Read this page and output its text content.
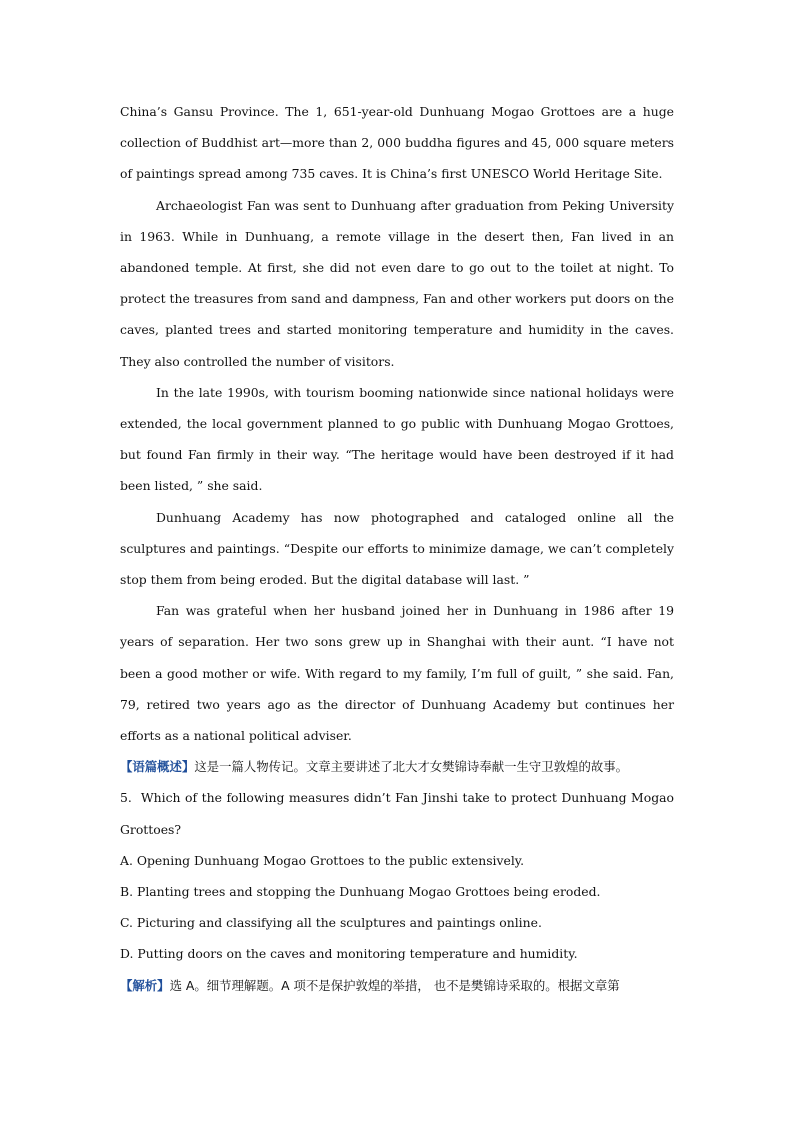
China’s Gansu Province. The 1, 651-year-old Dunhuang Mogao Grottoes are a huge collection of Buddhist art—more than 2, 000 buddha figures and 45, 000 square meters of paintings spread among 735 caves. It is China’s first UNESCO World Heritage Site.

Archaeologist Fan was sent to Dunhuang after graduation from Peking University in 1963. While in Dunhuang, a remote village in the desert then, Fan lived in an abandoned temple. At first, she did not even dare to go out to the toilet at night. To protect the treasures from sand and dampness, Fan and other workers put doors on the caves, planted trees and started monitoring temperature and humidity in the caves. They also controlled the number of visitors.

In the late 1990s, with tourism booming nationwide since national holidays were extended, the local government planned to go public with Dunhuang Mogao Grottoes, but found Fan firmly in their way. “The heritage would have been destroyed if it had been listed, ” she said.

Dunhuang Academy has now photographed and cataloged online all the sculptures and paintings. “Despite our efforts to minimize damage, we can’t completely stop them from being eroded. But the digital database will last. ”

Fan was grateful when her husband joined her in Dunhuang in 1986 after 19 years of separation. Her two sons grew up in Shanghai with their aunt. “I have not been a good mother or wife. With regard to my family, I’m full of guilt, ” she said. Fan, 79, retired two years ago as the director of Dunhuang Academy but continues her efforts as a national political adviser.

【语篇概述】这是一篇人物传记。文章主要讲述了北大才女樊锦诗奉献一生守卫敦煌的故事。

5. Which of the following measures didn’t Fan Jinshi take to protect Dunhuang Mogao Grottoes?

A. Opening Dunhuang Mogao Grottoes to the public extensively.

B. Planting trees and stopping the Dunhuang Mogao Grottoes being eroded.

C. Picturing and classifying all the sculptures and paintings online.

D. Putting doors on the caves and monitoring temperature and humidity.

【解析】选 A。细节理解题。A 项不是保护敦煌的举措， 也不是樊锦诗采取的。根据文章第
